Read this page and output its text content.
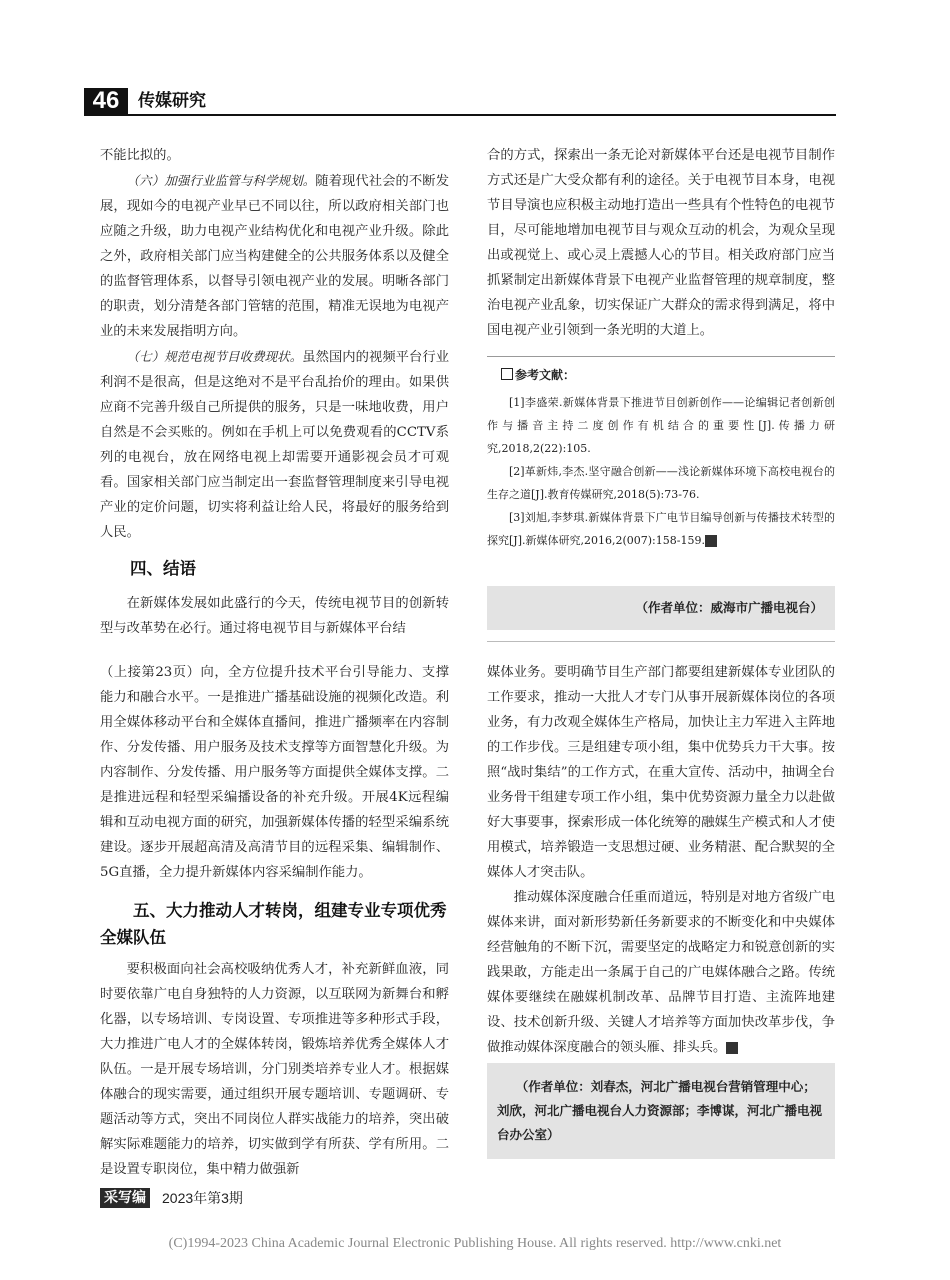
46	传媒研究

不能比拟的。

（六）加强行业监管与科学规划。随着现代社会的不断发展，现如今的电视产业早已不同以往，所以政府相关部门也应随之升级，助力电视产业结构优化和电视产业升级。除此之外，政府相关部门应当构建健全的公共服务体系以及健全的监督管理体系，以督导引领电视产业的发展。明晰各部门的职责，划分清楚各部门管辖的范围，精准无误地为电视产业的未来发展指明方向。

（七）规范电视节目收费现状。虽然国内的视频平台行业利润不是很高，但是这绝对不是平台乱抬价的理由。如果供应商不完善升级自己所提供的服务，只是一味地收费，用户自然是不会买账的。例如在手机上可以免费观看的CCTV系列的电视台，放在网络电视上却需要开通影视会员才可观看。国家相关部门应当制定出一套监督管理制度来引导电视产业的定价问题，切实将利益让给人民，将最好的服务给到人民。

四、结语

在新媒体发展如此盛行的今天，传统电视节目的创新转型与改革势在必行。通过将电视节目与新媒体平台结

合的方式，探索出一条无论对新媒体平台还是电视节目制作方式还是广大受众都有利的途径。关于电视节目本身，电视节目导演也应积极主动地打造出一些具有个性特色的电视节目，尽可能地增加电视节目与观众互动的机会，为观众呈现出或视觉上、或心灵上震撼人心的节目。相关政府部门应当抓紧制定出新媒体背景下电视产业监督管理的规章制度，整治电视产业乱象，切实保证广大群众的需求得到满足，将中国电视产业引领到一条光明的大道上。

参考文献：
[1]李盛荣.新媒体背景下推进节目创新创作——论编辑记者创新创作与播音主持二度创作有机结合的重要性[J].传播力研究,2018,2(22):105.
[2]革新炜,李杰.坚守融合创新——浅论新媒体环境下高校电视台的生存之道[J].教育传媒研究,2018(5):73-76.
[3]刘旭,李梦琪.新媒体背景下广电节目编导创新与传播技术转型的探究[J].新媒体研究,2016,2(007):158-159. C
（作者单位：威海市广播电视台）

（上接第23页）向，全方位提升技术平台引导能力、支撑能力和融合水平。一是推进广播基础设施的视频化改造。利用全媒体移动平台和全媒体直播间，推进广播频率在内容制作、分发传播、用户服务及技术支撑等方面智慧化升级。为内容制作、分发传播、用户服务等方面提供全媒体支撑。二是推进远程和轻型采编播设备的补充升级。开展4K远程编辑和互动电视方面的研究，加强新媒体传播的轻型采编系统建设。逐步开展超高清及高清节目的远程采集、编辑制作、5G直播，全力提升新媒体内容采编制作能力。

五、大力推动人才转岗，组建专业专项优秀全媒队伍

要积极面向社会高校吸纳优秀人才，补充新鲜血液，同时要依靠广电自身独特的人力资源，以互联网为新舞台和孵化器，以专场培训、专岗设置、专项推进等多种形式手段，大力推进广电人才的全媒体转岗，锻炼培养优秀全媒体人才队伍。一是开展专场培训，分门别类培养专业人才。根据媒体融合的现实需要，通过组织开展专题培训、专题调研、专题活动等方式，突出不同岗位人群实战能力的培养，突出破解实际难题能力的培养，切实做到学有所获、学有所用。二是设置专职岗位，集中精力做强新

媒体业务。要明确节目生产部门都要组建新媒体专业团队的工作要求，推动一大批人才专门从事开展新媒体岗位的各项业务，有力改观全媒体生产格局，加快让主力军进入主阵地的工作步伐。三是组建专项小组，集中优势兵力干大事。按照“战时集结”的工作方式，在重大宣传、活动中，抽调全台业务骨干组建专项工作小组，集中优势资源力量全力以赴做好大事要事，探索形成一体化统筹的融媒生产模式和人才使用模式，培养锻造一支思想过硬、业务精湛、配合默契的全媒体人才突击队。

推动媒体深度融合任重而道远，特别是对地方省级广电媒体来讲，面对新形势新任务新要求的不断变化和中央媒体经营触角的不断下沉，需要坚定的战略定力和锐意创新的实践果敢，方能走出一条属于自己的广电媒体融合之路。传统媒体要继续在融媒机制改革、品牌节目打造、主流阵地建设、技术创新升级、关键人才培养等方面加快改革步伐，争做推动媒体深度融合的领头雁、排头兵。	C

（作者单位：刘春杰，河北广播电视台营销管理中心；刘欣，河北广播电视台人力资源部；李博谋，河北广播电视台办公室）
采写编 2023年第3期
(C)1994-2023 China Academic Journal Electronic Publishing House. All rights reserved. http://www.cnki.net
